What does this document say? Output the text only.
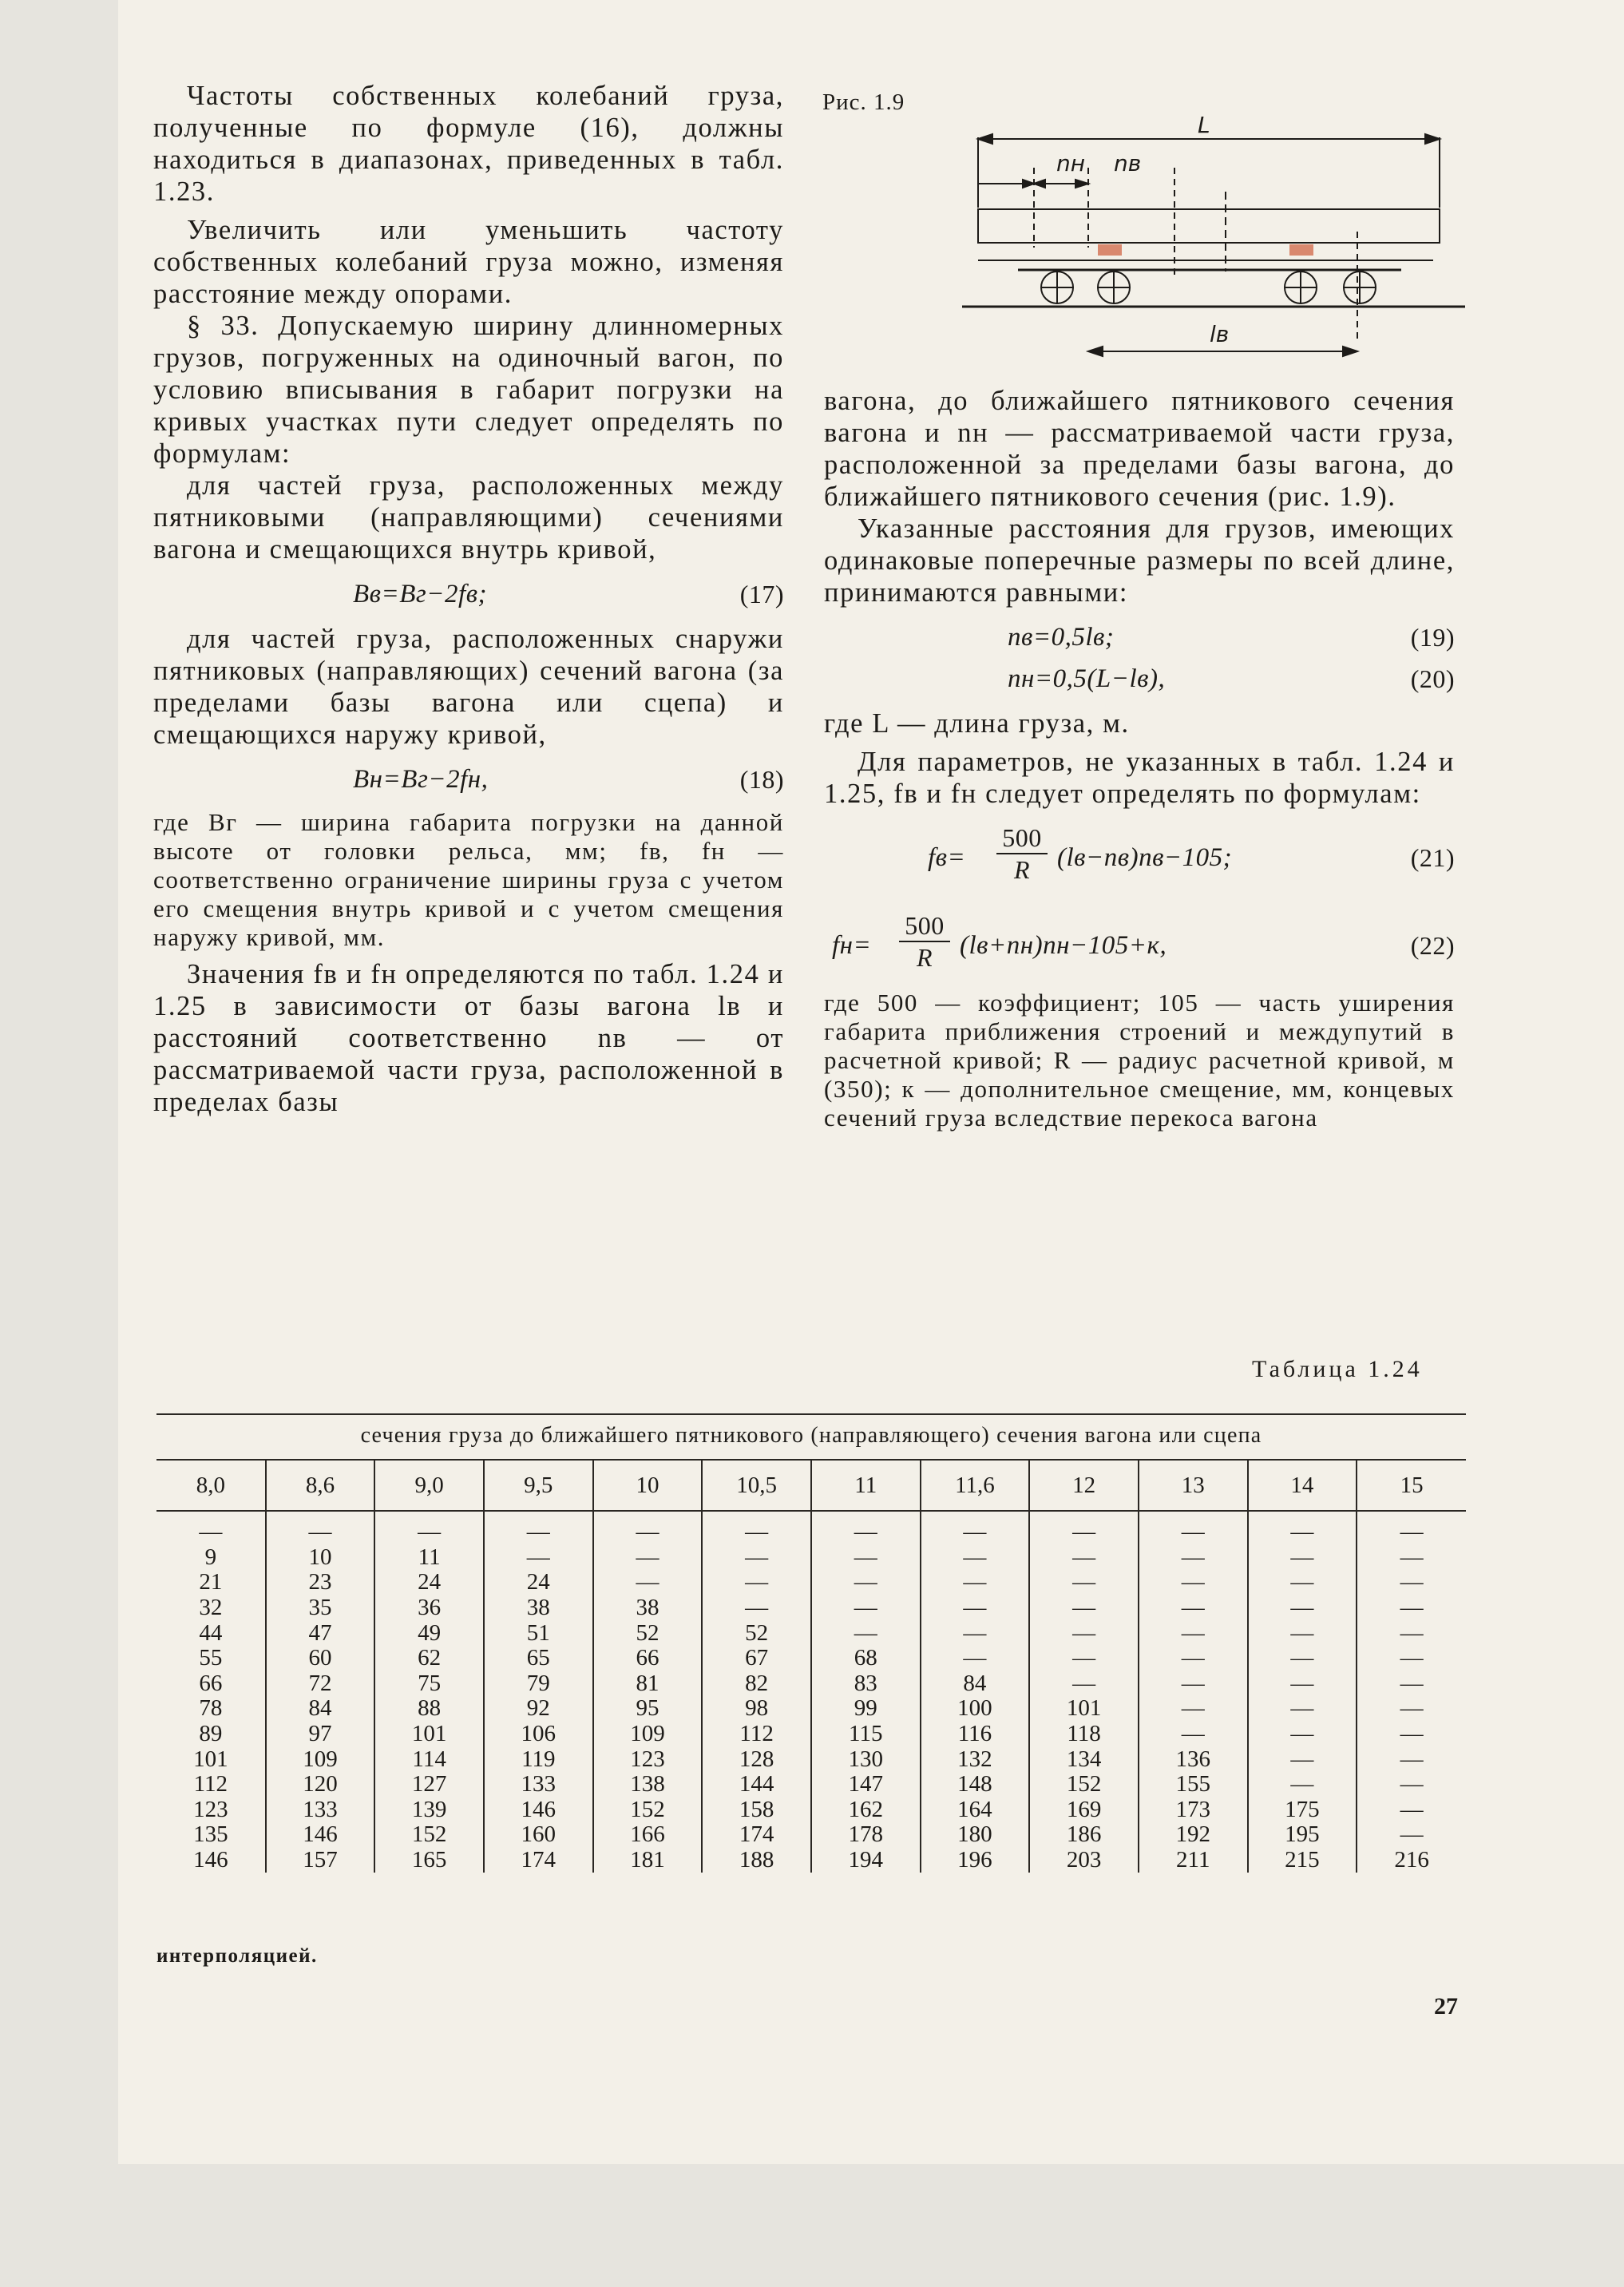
Частоты собственных колебаний груза, полученные по формуле (16), должны находиться в диапазонах, приведенных в табл. 1.23.

Увеличить или уменьшить частоту собственных колебаний груза можно, изменяя расстояние между опорами.

§ 33. Допускаемую ширину длинномерных грузов, погруженных на одиночный вагон, по условию вписывания в габарит погрузки на кривых участках пути следует определять по формулам:

для частей груза, расположенных между пятниковыми (направляющими) сечениями вагона и смещающихся внутрь кривой,

Bв=Bг−2fв;	(17)

для частей груза, расположенных снаружи пятниковых (направляющих) сечений вагона (за пределами базы вагона или сцепа) и смещающихся наружу кривой,

Bн=Bг−2fн,	(18)

где Bг — ширина габарита погрузки на данной высоте от головки рельса, мм; fв, fн — соответственно ограничение ширины груза с учетом его смещения внутрь кривой и с учетом смещения наружу кривой, мм.

Значения fв и fн определяются по табл. 1.24 и 1.25 в зависимости от базы вагона lв и расстояний соответственно nв — от рассматриваемой части груза, расположенной в пределах базы

Рис. 1.9
L
nн nв
lв

вагона, до ближайшего пятникового сечения вагона и nн — рассматриваемой части груза, расположенной за пределами базы вагона, до ближайшего пятникового сечения (рис. 1.9).

Указанные расстояния для грузов, имеющих одинаковые поперечные размеры по всей длине, принимаются равными:

nв=0,5lв;	(19)
nн=0,5(L−lв),	(20)

где L — длина груза, м.

Для параметров, не указанных в табл. 1.24 и 1.25, fв и fн следует определять по формулам:

$fв= \frac{500}{R} (lв-nв)nв-105$;	(21)
$fн= \frac{500}{R} (lв+nн)nн-105+к$,	(22)

где 500 — коэффициент; 105 — часть уширения габарита приближения строений и междупутий в расчетной кривой; R — радиус расчетной кривой, м (350); к — дополнительное смещение, мм, концевых сечений груза вследствие перекоса вагона

Таблица 1.24
сечения груза до ближайшего пятникового (направляющего) сечения вагона или сцепа
8,0	8,6	9,0	9,5	10	10,5	11	11,6	12	13	14	15
—	—	—	—	—	—	—	—	—	—	—	—
9	10	11	—	—	—	—	—	—	—	—	—
21	23	24	24	—	—	—	—	—	—	—	—
32	35	36	38	38	—	—	—	—	—	—	—
44	47	49	51	52	52	—	—	—	—	—	—
55	60	62	65	66	67	68	—	—	—	—	—
66	72	75	79	81	82	83	84	—	—	—	—
78	84	88	92	95	98	99	100	101	—	—	—
89	97	101	106	109	112	115	116	118	—	—	—
101	109	114	119	123	128	130	132	134	136	—	—
112	120	127	133	138	144	147	148	152	155	—	—
123	133	139	146	152	158	162	164	169	173	175	—
135	146	152	160	166	174	178	180	186	192	195	—
146	157	165	174	181	188	194	196	203	211	215	216
интерполяцией.
27
